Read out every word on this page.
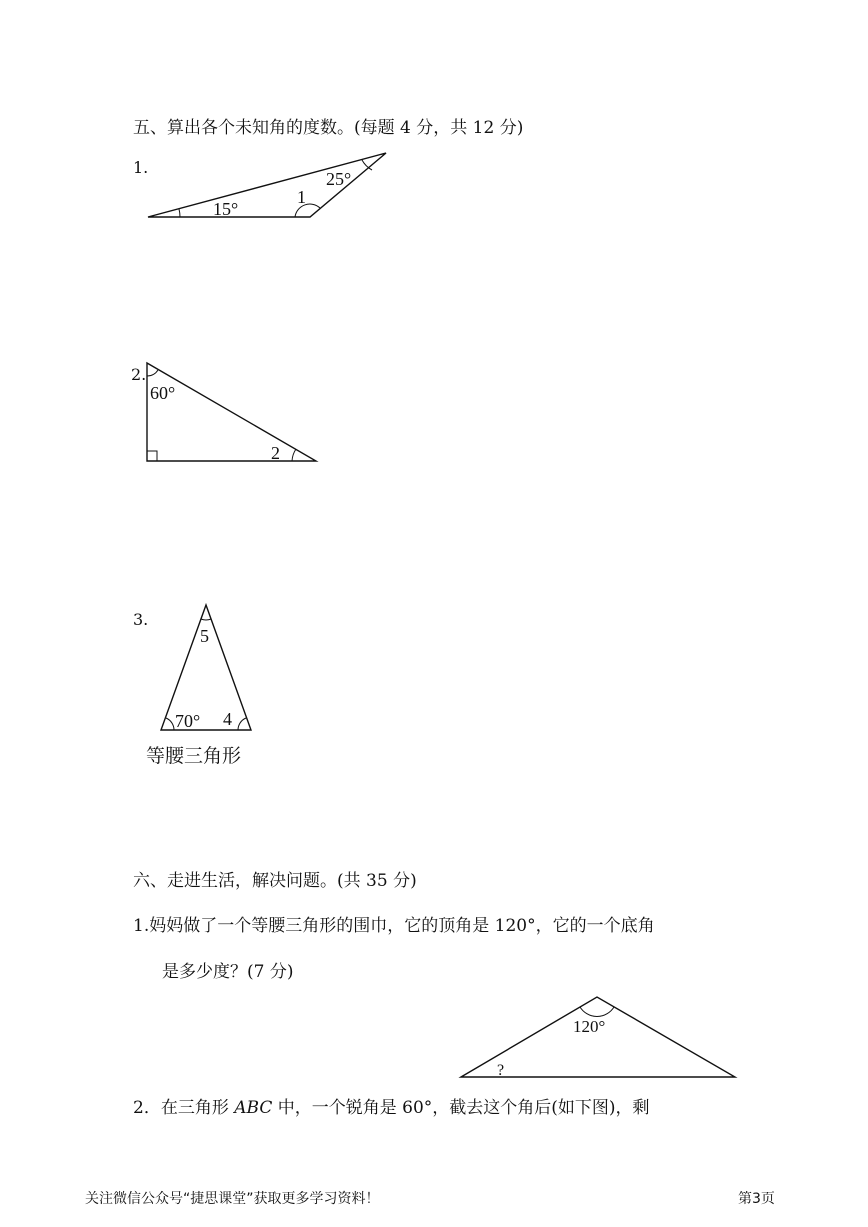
五、算出各个未知角的度数。(每题 4 分，共 12 分)
1.
2.
3.
15°
1
25°
60°
2
5
70° 4
120°
?
等腰三角形
六、走进生活，解决问题。(共 35 分)
1.妈妈做了一个等腰三角形的围巾，它的顶角是 120°，它的一个底角
是多少度？(7 分)
2．在三角形 ABC 中，一个锐角是 60°，截去这个角后(如下图)，剩
关注微信公众号“捷思课堂”获取更多学习资料！	第3页
